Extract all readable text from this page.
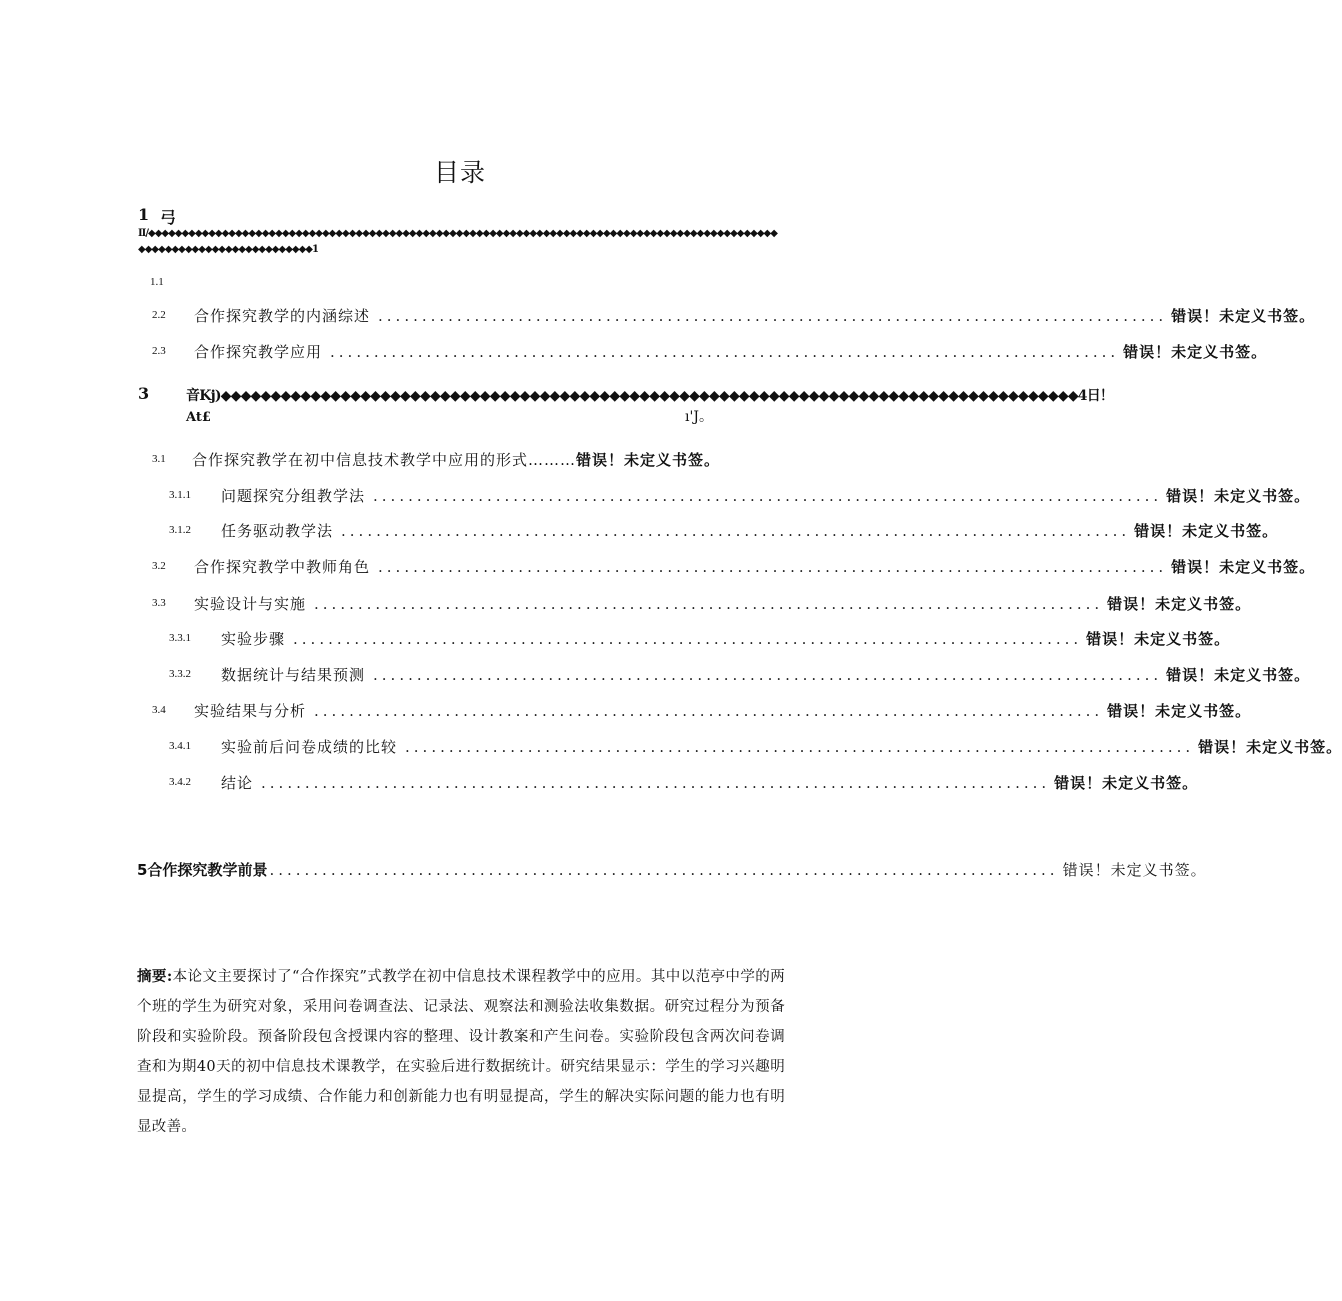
目录
1 弓
II/◆◆◆◆◆◆◆◆◆◆◆◆◆◆◆◆◆◆◆◆◆◆◆◆◆◆◆◆◆◆◆◆◆◆◆◆◆◆◆◆◆◆◆◆◆◆◆◆◆◆◆◆◆◆◆◆◆◆◆◆◆◆◆◆◆◆◆◆◆◆◆◆◆◆◆◆◆◆◆◆◆◆◆◆◆◆◆◆◆◆◆◆◆◆◆◆◆◆◆◆◆◆◆◆◆◆◆◆◆◆◆◆◆◆◆◆◆◆◆◆1
1.1
2.2 合作探究教学的内涵综述 .......................................................................................... 错误！未定义书签。
2.3 合作探究教学应用 .......................................................................................... 错误！未定义书签。
3	音Kj)◆◆◆◆◆◆◆◆◆◆◆◆◆◆◆◆◆◆◆◆◆◆◆◆◆◆◆◆◆◆◆◆◆◆◆◆◆◆◆◆◆◆◆◆◆◆◆◆◆◆◆◆◆◆◆◆◆◆◆◆◆◆◆◆◆◆◆◆◆◆◆◆◆◆◆◆◆◆◆◆◆◆◆◆◆◆4日！
At£	ı'J。
3.1 合作探究教学在初中信息技术教学中应用的形式……… 错误！未定义书签。
3.1.1 问题探究分组教学法 .......................................................................................... 错误！未定义书签。
3.1.2 任务驱动教学法 .......................................................................................... 错误！未定义书签。
3.2 合作探究教学中教师角色 .......................................................................................... 错误！未定义书签。
3.3 实验设计与实施 .......................................................................................... 错误！未定义书签。
3.3.1 实验步骤 .......................................................................................... 错误！未定义书签。
3.3.2 数据统计与结果预测 .......................................................................................... 错误！未定义书签。
3.4 实验结果与分析 .......................................................................................... 错误！未定义书签。
3.4.1 实验前后问卷成绩的比较 .......................................................................................... 错误！未定义书签。
3.4.2 结论 .......................................................................................... 错误！未定义书签。
5合作探究教学前景 .......................................................................................... 错误！未定义书签。
摘要:本论文主要探讨了“合作探究”式教学在初中信息技术课程教学中的应用。其中以范亭中学的两个班的学生为研究对象，采用问卷调查法、记录法、观察法和测验法收集数据。研究过程分为预备阶段和实验阶段。预备阶段包含授课内容的整理、设计教案和产生问卷。实验阶段包含两次问卷调查和为期40天的初中信息技术课教学，在实验后进行数据统计。研究结果显示：学生的学习兴趣明显提高，学生的学习成绩、合作能力和创新能力也有明显提高，学生的解决实际问题的能力也有明显改善。
